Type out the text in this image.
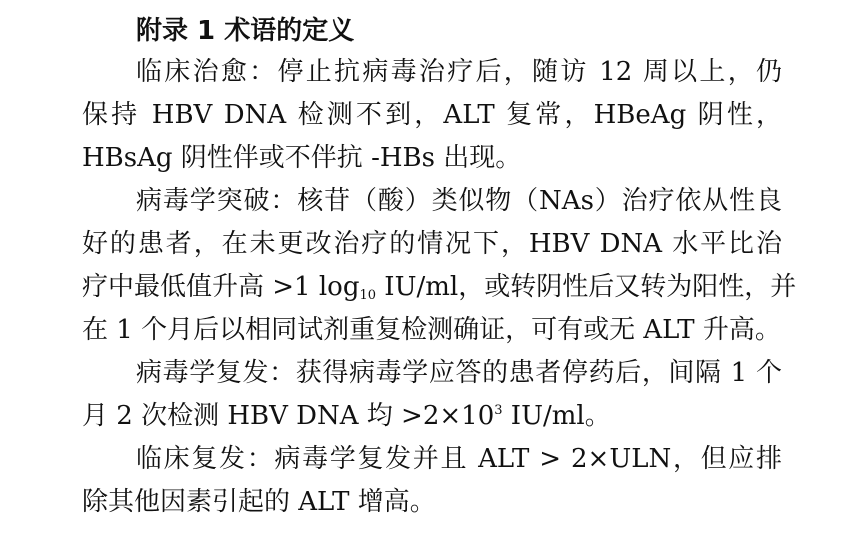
附录 1 术语的定义
临床治愈：停止抗病毒治疗后，随访 12 周以上，仍
保持 HBV DNA 检测不到，ALT 复常，HBeAg 阴性，
HBsAg 阴性伴或不伴抗 -HBs 出现。
病毒学突破：核苷（酸）类似物（NAs）治疗依从性良
好的患者，在未更改治疗的情况下，HBV DNA 水平比治
疗中最低值升高 >1 $\log_{10} IU/ml$，或转阴性后又转为阳性，并
在 1 个月后以相同试剂重复检测确证，可有或无 ALT 升高。
病毒学复发：获得病毒学应答的患者停药后，间隔 1 个
月 2 次检测 HBV DNA 均 $>2\times 10^3$ IU/ml。
临床复发：病毒学复发并且 ALT > 2×ULN，但应排
除其他因素引起的 ALT 增高。
